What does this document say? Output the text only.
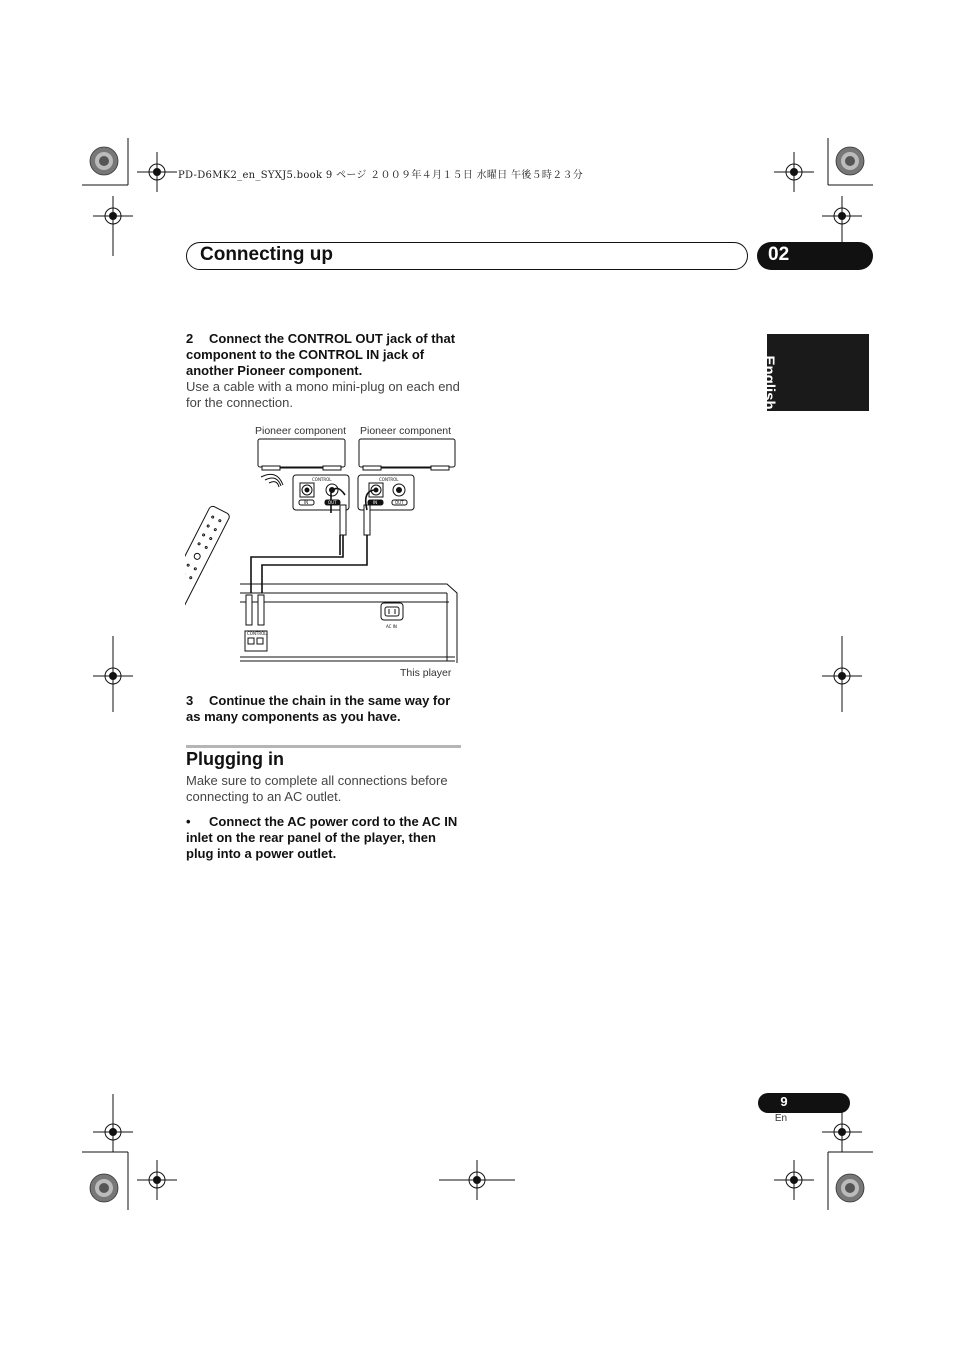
PD-D6MK2_en_SYXJ5.book 9 ページ ２００９年４月１５日 水曜日 午後５時２３分
Connecting up	02
English
2 Connect the CONTROL OUT jack of that component to the CONTROL IN jack of another Pioneer component.
Use a cable with a mono mini-plug on each end for the connection.
Pioneer component Pioneer component
This player
CONTROL
IN	OUT
CONTROL
IN	OUT
CONTROL
AC IN
3 Continue the chain in the same way for as many components as you have.
Plugging in
Make sure to complete all connections before connecting to an AC outlet.
• Connect the AC power cord to the AC IN inlet on the rear panel of the player, then plug into a power outlet.
9
En
